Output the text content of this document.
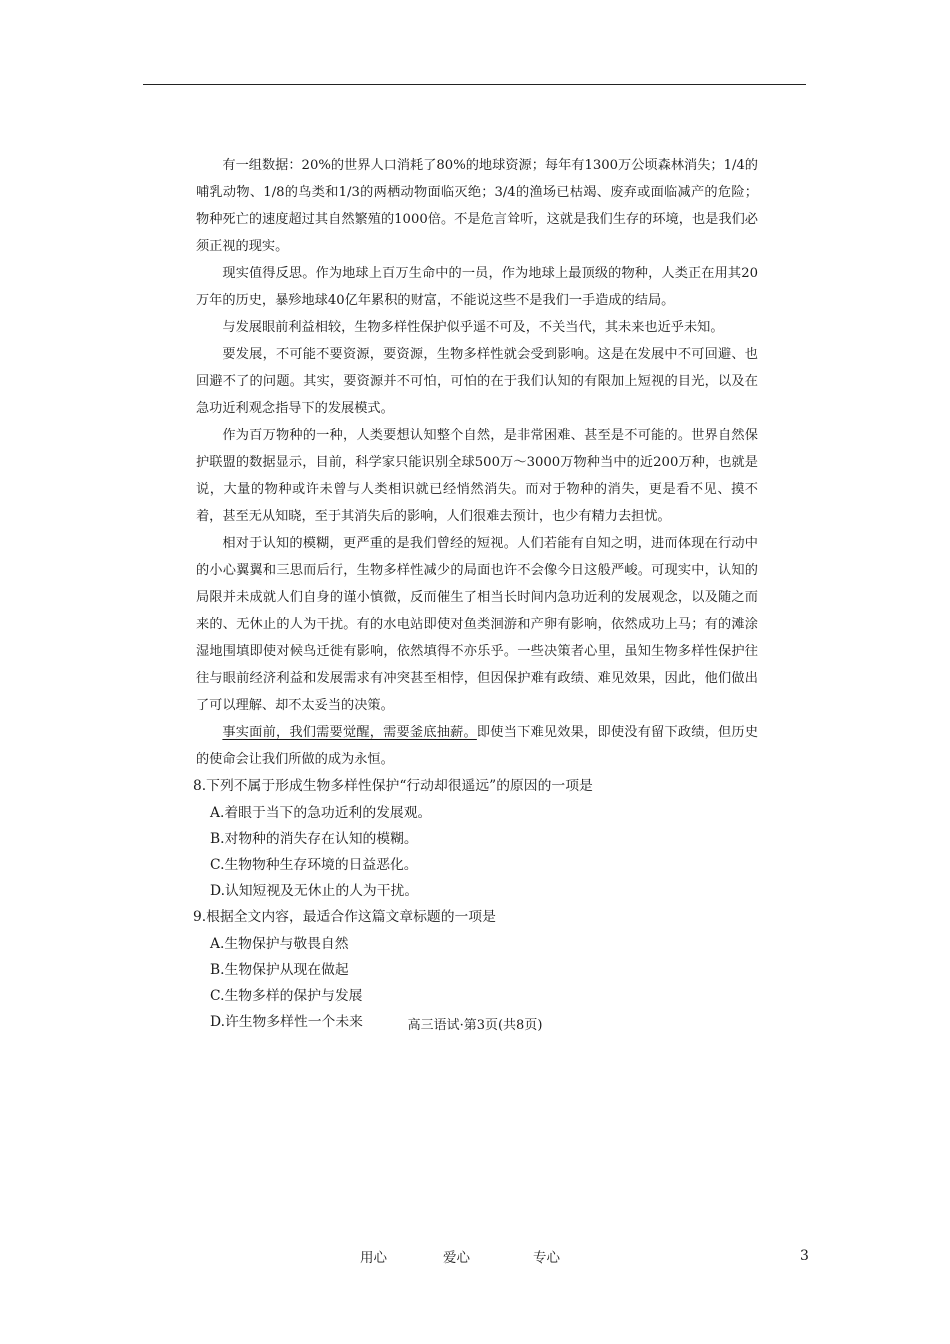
有一组数据：20%的世界人口消耗了80%的地球资源；每年有1300万公顷森林消失；1/4的哺乳动物、1/8的鸟类和1/3的两栖动物面临灭绝；3/4的渔场已枯竭、废弃或面临减产的危险；物种死亡的速度超过其自然繁殖的1000倍。不是危言耸听，这就是我们生存的环境，也是我们必须正视的现实。

现实值得反思。作为地球上百万生命中的一员，作为地球上最顶级的物种，人类正在用其20万年的历史，暴殄地球40亿年累积的财富，不能说这些不是我们一手造成的结局。

与发展眼前利益相较，生物多样性保护似乎遥不可及，不关当代，其未来也近乎未知。

要发展，不可能不要资源，要资源，生物多样性就会受到影响。这是在发展中不可回避、也回避不了的问题。其实，要资源并不可怕，可怕的在于我们认知的有限加上短视的目光，以及在急功近利观念指导下的发展模式。

作为百万物种的一种，人类要想认知整个自然，是非常困难、甚至是不可能的。世界自然保护联盟的数据显示，目前，科学家只能识别全球500万～3000万物种当中的近200万种，也就是说，大量的物种或许未曾与人类相识就已经悄然消失。而对于物种的消失，更是看不见、摸不着，甚至无从知晓，至于其消失后的影响，人们很难去预计，也少有精力去担忧。

相对于认知的模糊，更严重的是我们曾经的短视。人们若能有自知之明，进而体现在行动中的小心翼翼和三思而后行，生物多样性减少的局面也许不会像今日这般严峻。可现实中，认知的局限并未成就人们自身的谨小慎微，反而催生了相当长时间内急功近利的发展观念，以及随之而来的、无休止的人为干扰。有的水电站即使对鱼类洄游和产卵有影响，依然成功上马；有的滩涂湿地围填即使对候鸟迁徙有影响，依然填得不亦乐乎。一些决策者心里，虽知生物多样性保护往往与眼前经济利益和发展需求有冲突甚至相悖，但因保护难有政绩、难见效果，因此，他们做出了可以理解、却不太妥当的决策。

事实面前，我们需要觉醒，需要釜底抽薪。即使当下难见效果，即使没有留下政绩，但历史的使命会让我们所做的成为永恒。

8.下列不属于形成生物多样性保护“行动却很遥远”的原因的一项是

A.着眼于当下的急功近利的发展观。

B.对物种的消失存在认知的模糊。

C.生物物种生存环境的日益恶化。

D.认知短视及无休止的人为干扰。

9.根据全文内容，最适合作这篇文章标题的一项是

A.生物保护与敬畏自然

B.生物保护从现在做起

C.生物多样的保护与发展

D.许生物多样性一个未来	高三语试·第3页(共8页)
用心	爱心	专心	3
